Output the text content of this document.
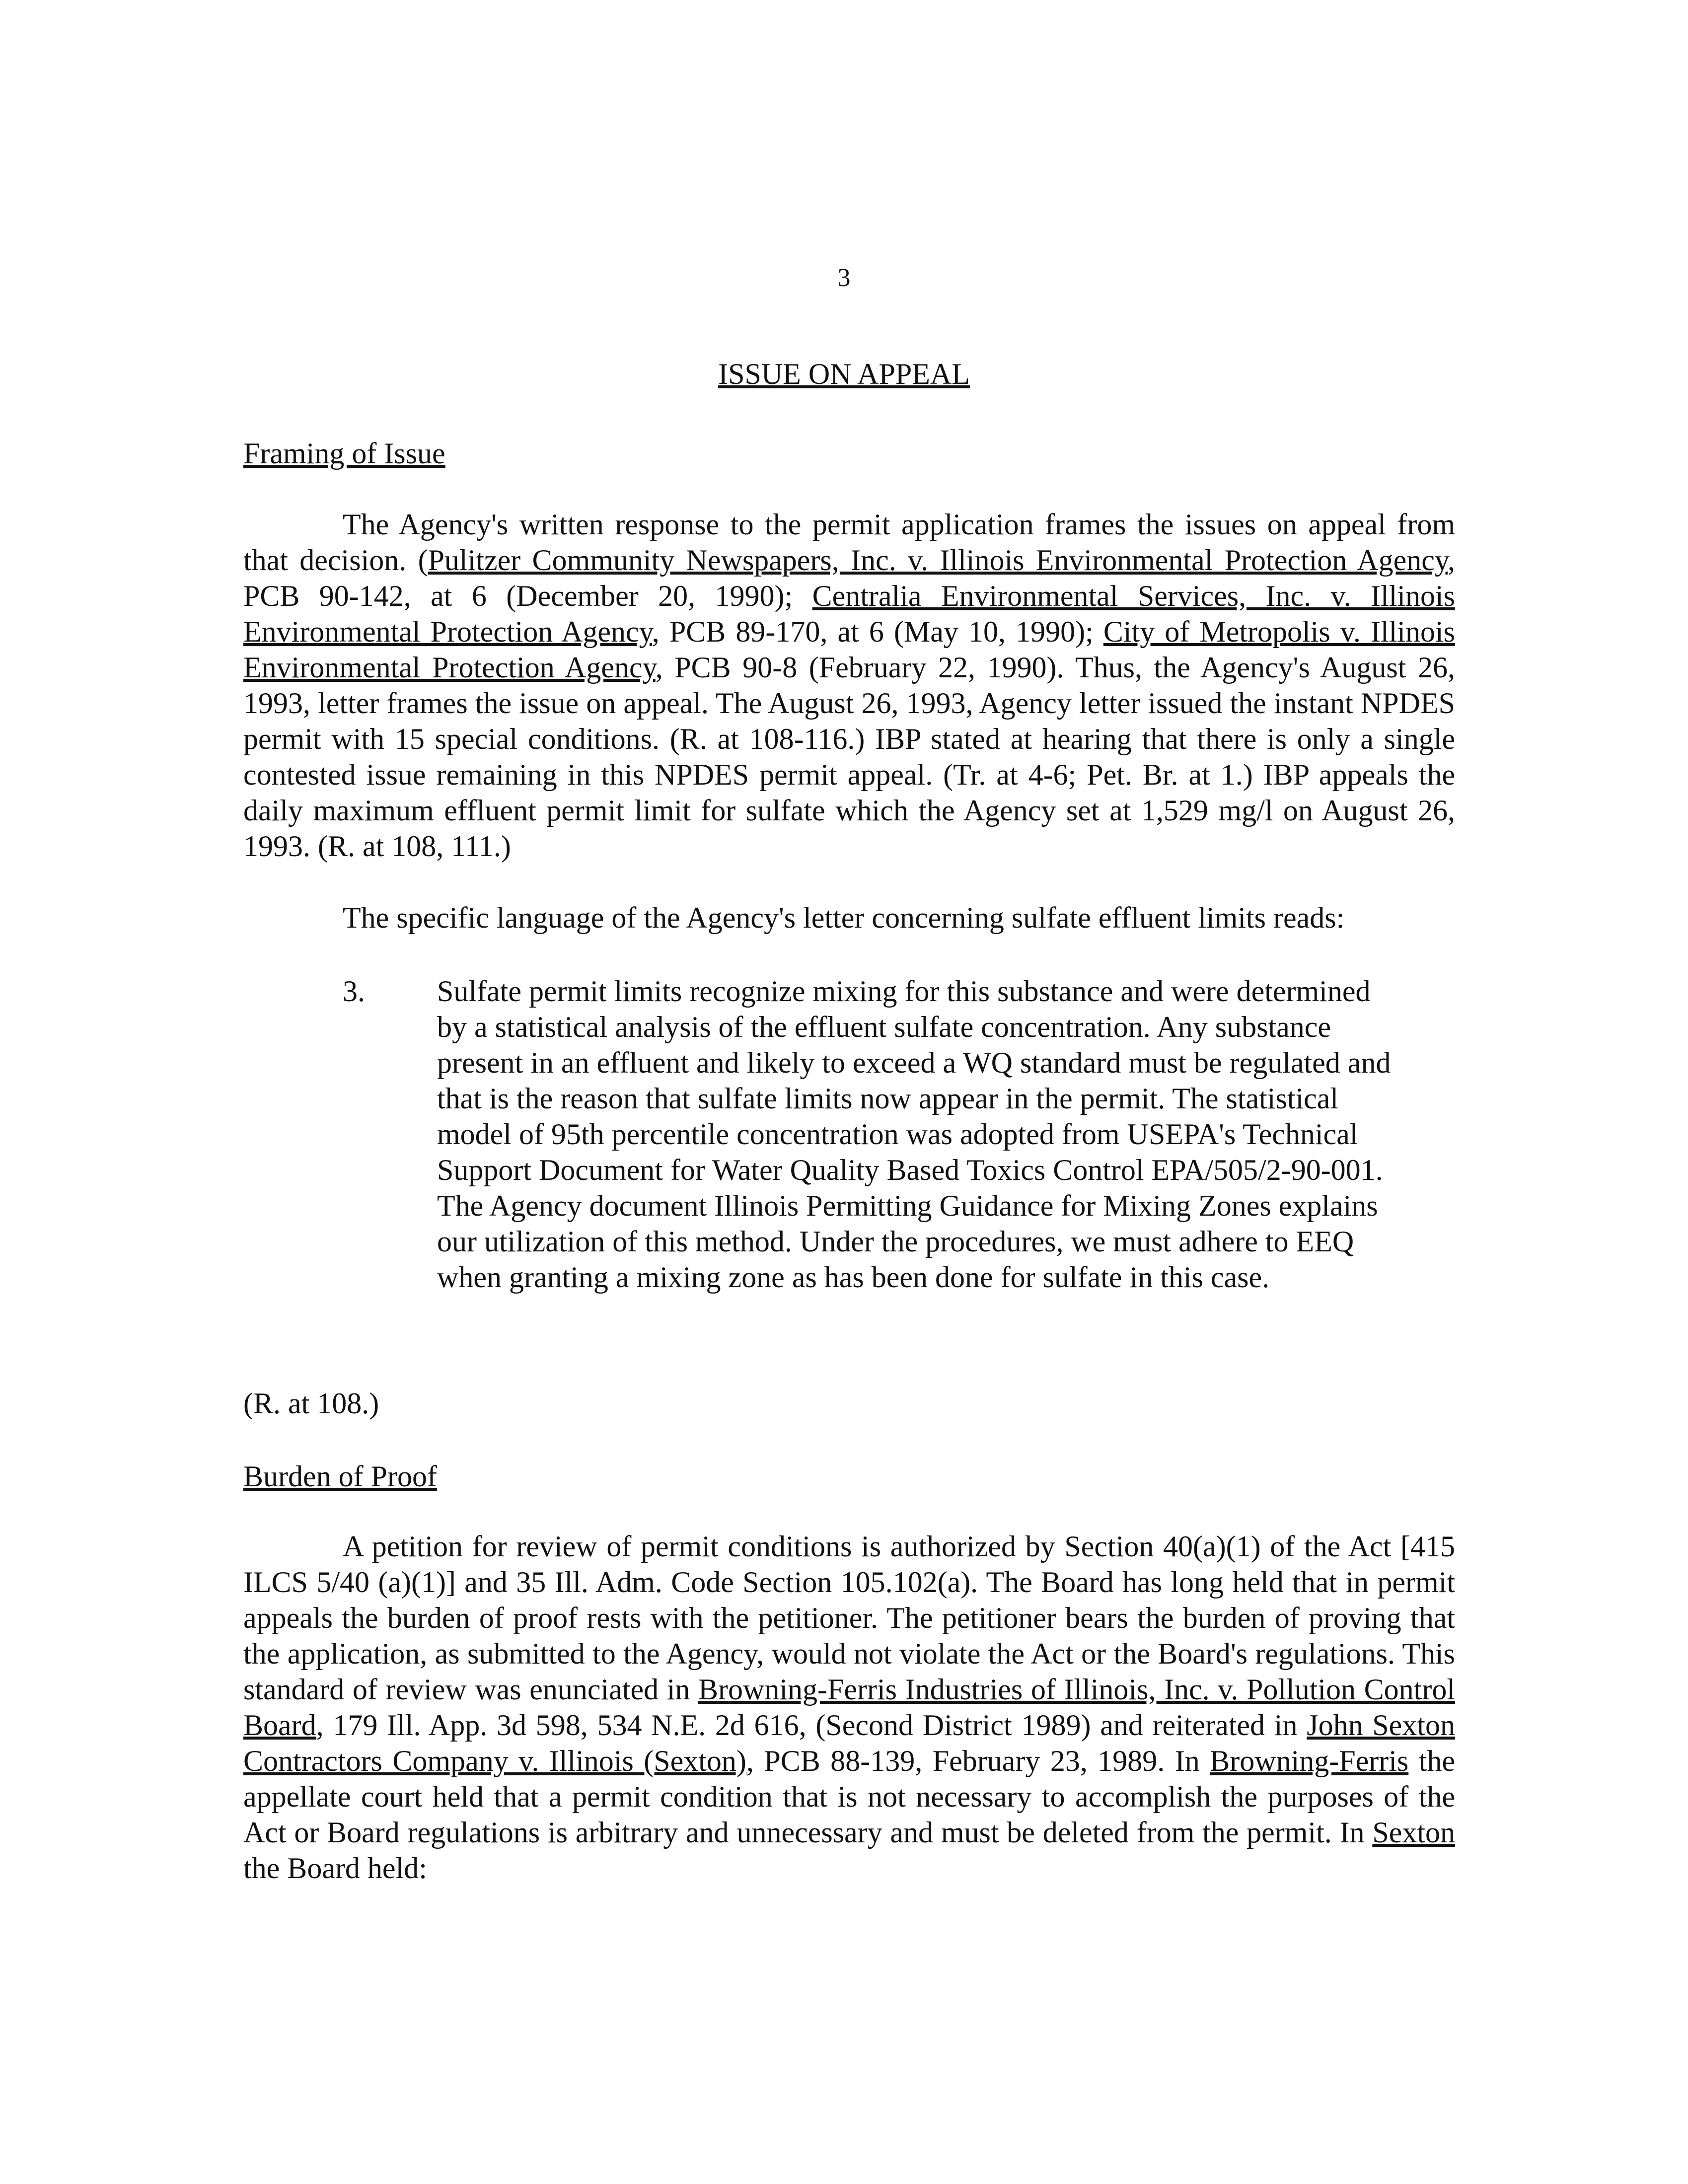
3
ISSUE ON APPEAL
Framing of Issue
The Agency's written response to the permit application frames the issues on appeal from that decision. (Pulitzer Community Newspapers, Inc. v. Illinois Environmental Protection Agency, PCB 90-142, at 6 (December 20, 1990); Centralia Environmental Services, Inc. v. Illinois Environmental Protection Agency, PCB 89-170, at 6 (May 10, 1990); City of Metropolis v. Illinois Environmental Protection Agency, PCB 90-8 (February 22, 1990). Thus, the Agency's August 26, 1993, letter frames the issue on appeal. The August 26, 1993, Agency letter issued the instant NPDES permit with 15 special conditions. (R. at 108-116.) IBP stated at hearing that there is only a single contested issue remaining in this NPDES permit appeal. (Tr. at 4-6; Pet. Br. at 1.) IBP appeals the daily maximum effluent permit limit for sulfate which the Agency set at 1,529 mg/l on August 26, 1993. (R. at 108, 111.)
The specific language of the Agency's letter concerning sulfate effluent limits reads:
3. Sulfate permit limits recognize mixing for this substance and were determined by a statistical analysis of the effluent sulfate concentration. Any substance present in an effluent and likely to exceed a WQ standard must be regulated and that is the reason that sulfate limits now appear in the permit. The statistical model of 95th percentile concentration was adopted from USEPA's Technical Support Document for Water Quality Based Toxics Control EPA/505/2-90-001. The Agency document Illinois Permitting Guidance for Mixing Zones explains our utilization of this method. Under the procedures, we must adhere to EEQ when granting a mixing zone as has been done for sulfate in this case.
(R. at 108.)
Burden of Proof
A petition for review of permit conditions is authorized by Section 40(a)(1) of the Act [415 ILCS 5/40 (a)(1)] and 35 Ill. Adm. Code Section 105.102(a). The Board has long held that in permit appeals the burden of proof rests with the petitioner. The petitioner bears the burden of proving that the application, as submitted to the Agency, would not violate the Act or the Board's regulations. This standard of review was enunciated in Browning-Ferris Industries of Illinois, Inc. v. Pollution Control Board, 179 Ill. App. 3d 598, 534 N.E. 2d 616, (Second District 1989) and reiterated in John Sexton Contractors Company v. Illinois (Sexton), PCB 88-139, February 23, 1989. In Browning-Ferris the appellate court held that a permit condition that is not necessary to accomplish the purposes of the Act or Board regulations is arbitrary and unnecessary and must be deleted from the permit. In Sexton the Board held:
